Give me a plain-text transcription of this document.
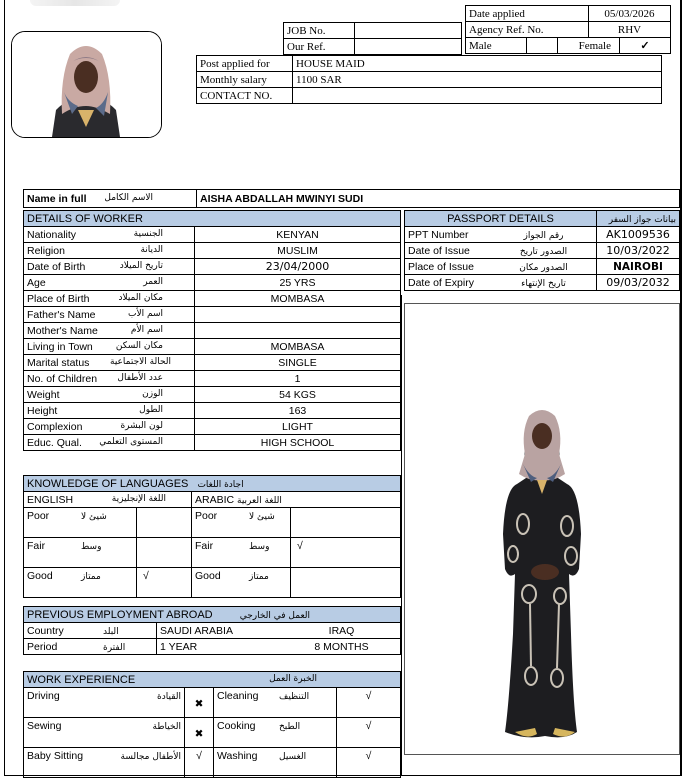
JOB No.	
Our Ref.	
Date applied			05/03/2026	
Agency Ref. No.			RHV	
Male		Female		✓
Post applied for	HOUSE MAID
Monthly salary	1100 SAR
CONTACT NO.	
Name in full الاسم الكامل	AISHA ABDALLAH MWINYI SUDI
DETAILS OF WORKER	
Nationality الجنسية	KENYAN
Religion الديانة	MUSLIM
Date of Birth تاريخ الميلاد	23/04/2000
Age العمر	25 YRS
Place of Birth مكان الميلاد	MOMBASA
Father's Name اسم الأب	

Mother's Name اسم الأم	

Living in Town مكان السكن	MOMBASA
Marital status الحالة الاجتماعية	SINGLE
No. of Children عدد الأطفال	1
Weight الوزن	54 KGS
Height الطول	163
Complexion لون البشرة	LIGHT
Educ. Qual. المستوى التعلمي	HIGH SCHOOL
PASSPORT DETAILS		بيانات جواز السفر
PPT Number	رقم الجواز	AK1009536
Date of Issue	الصدور تاريخ	10/03/2022
Place of Issue	الصدور مكان	NAIROBI
Date of Expiry	تاريخ الإنتهاء	09/03/2032
KNOWLEDGE OF LANGUAGES اجادة اللغات					
ENGLISH اللغة الإنجليزية			ARABIC اللغة العربية		
Poor	شيئ لا		Poor	شيئ لا	
Fair	وسط		Fair	وسط	√
Good	ممتاز	√	Good	ممتاز	
PREVIOUS EMPLOYMENT ABROAD العمل في الخارجي			
Country	البلد	SAUDI ARABIA	IRAQ
Period	الفترة	1 YEAR	8 MONTHS
WORK EXPERIENCE الخبرة العمل					

Driving	القيادة	✖	Cleaning	التنظيف	√
Sewing	الخياطة	✖	Cooking	الطبخ	√
Baby Sitting	الأطفال مجالسة	√	Washing	الغسيل	√
